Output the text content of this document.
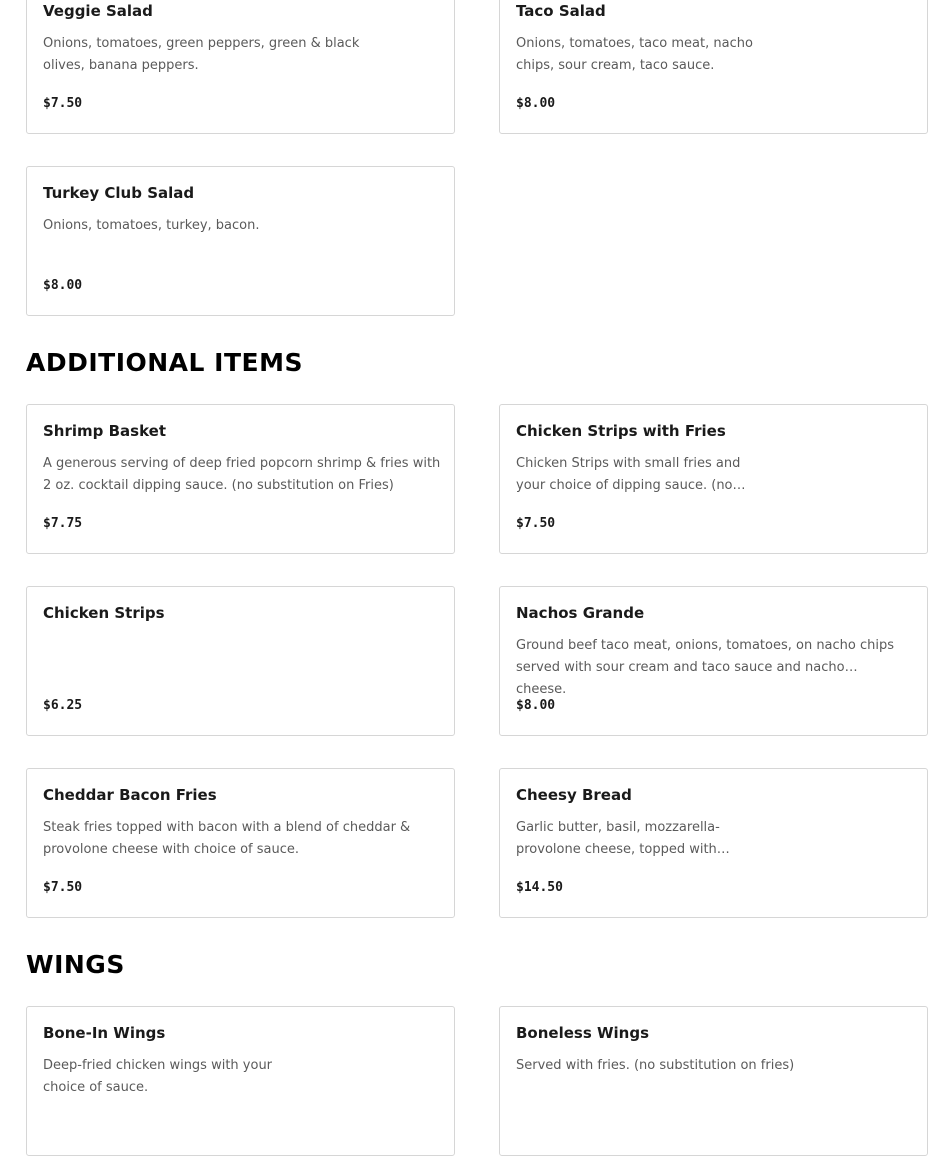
Veggie Salad
Onions, tomatoes, green peppers, green & black olives, banana peppers.
$7.50
Taco Salad
Onions, tomatoes, taco meat, nacho chips, sour cream, taco sauce.
$8.00
Turkey Club Salad
Onions, tomatoes, turkey, bacon.
$8.00
ADDITIONAL ITEMS
Shrimp Basket
A generous serving of deep fried popcorn shrimp & fries with 2 oz. cocktail dipping sauce. (no substitution on Fries)
$7.75
Chicken Strips with Fries
Chicken Strips with small fries and your choice of dipping sauce. (no…
$7.50
Chicken Strips
$6.25
Nachos Grande
Ground beef taco meat, onions, tomatoes, on nacho chips served with sour cream and taco sauce and nacho cheese.
$8.00
Cheddar Bacon Fries
Steak fries topped with bacon with a blend of cheddar & provolone cheese with choice of sauce.
$7.50
Cheesy Bread
Garlic butter, basil, mozzarella-provolone cheese, topped with…
$14.50
WINGS
Bone-In Wings
Deep-fried chicken wings with your choice of sauce.
Boneless Wings
Served with fries. (no substitution on fries)
